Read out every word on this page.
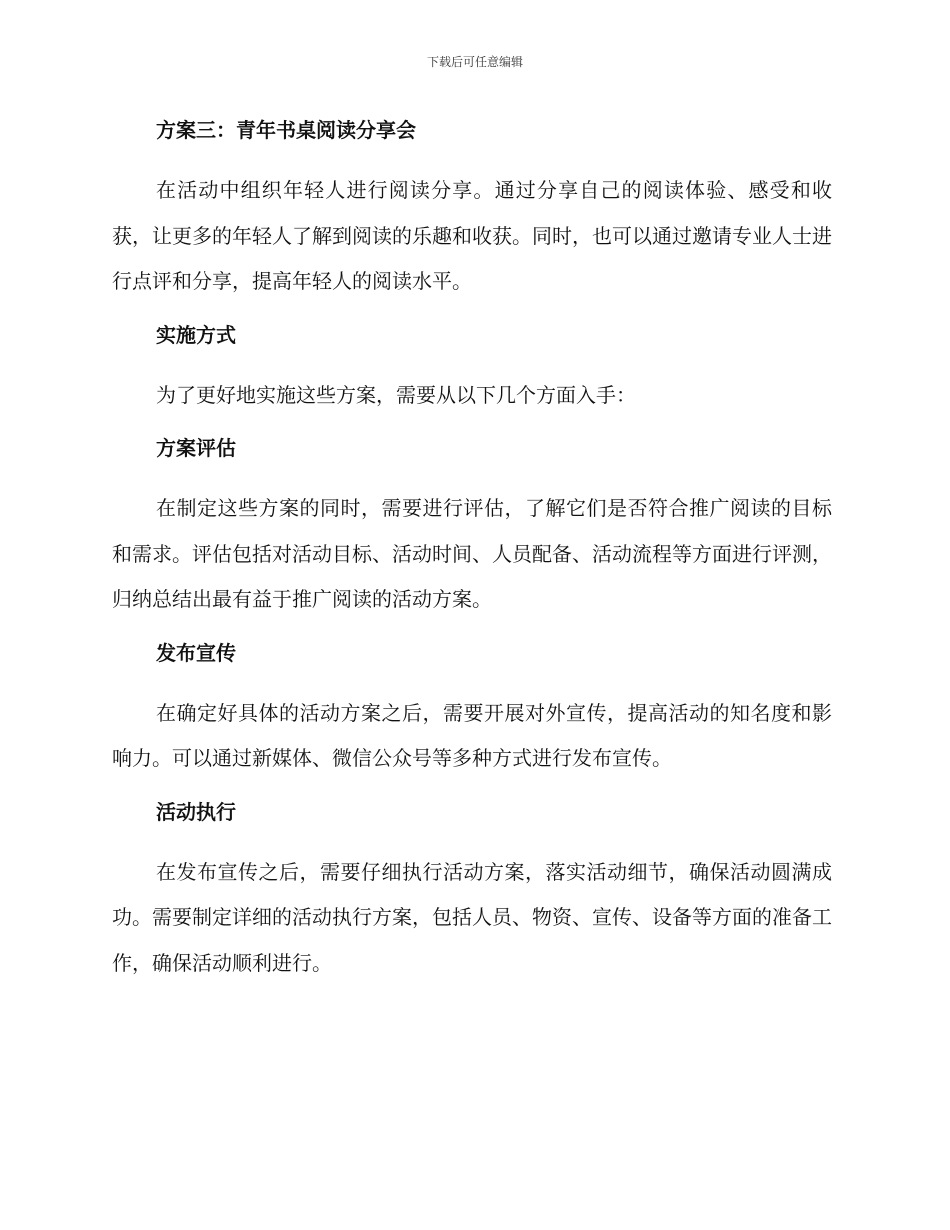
下载后可任意编辑
方案三：青年书桌阅读分享会

在活动中组织年轻人进行阅读分享。通过分享自己的阅读体验、感受和收获，让更多的年轻人了解到阅读的乐趣和收获。同时，也可以通过邀请专业人士进行点评和分享，提高年轻人的阅读水平。

实施方式

为了更好地实施这些方案，需要从以下几个方面入手：

方案评估

在制定这些方案的同时，需要进行评估，了解它们是否符合推广阅读的目标和需求。评估包括对活动目标、活动时间、人员配备、活动流程等方面进行评测，归纳总结出最有益于推广阅读的活动方案。

发布宣传

在确定好具体的活动方案之后，需要开展对外宣传，提高活动的知名度和影响力。可以通过新媒体、微信公众号等多种方式进行发布宣传。

活动执行

在发布宣传之后，需要仔细执行活动方案，落实活动细节，确保活动圆满成功。需要制定详细的活动执行方案，包括人员、物资、宣传、设备等方面的准备工作，确保活动顺利进行。
